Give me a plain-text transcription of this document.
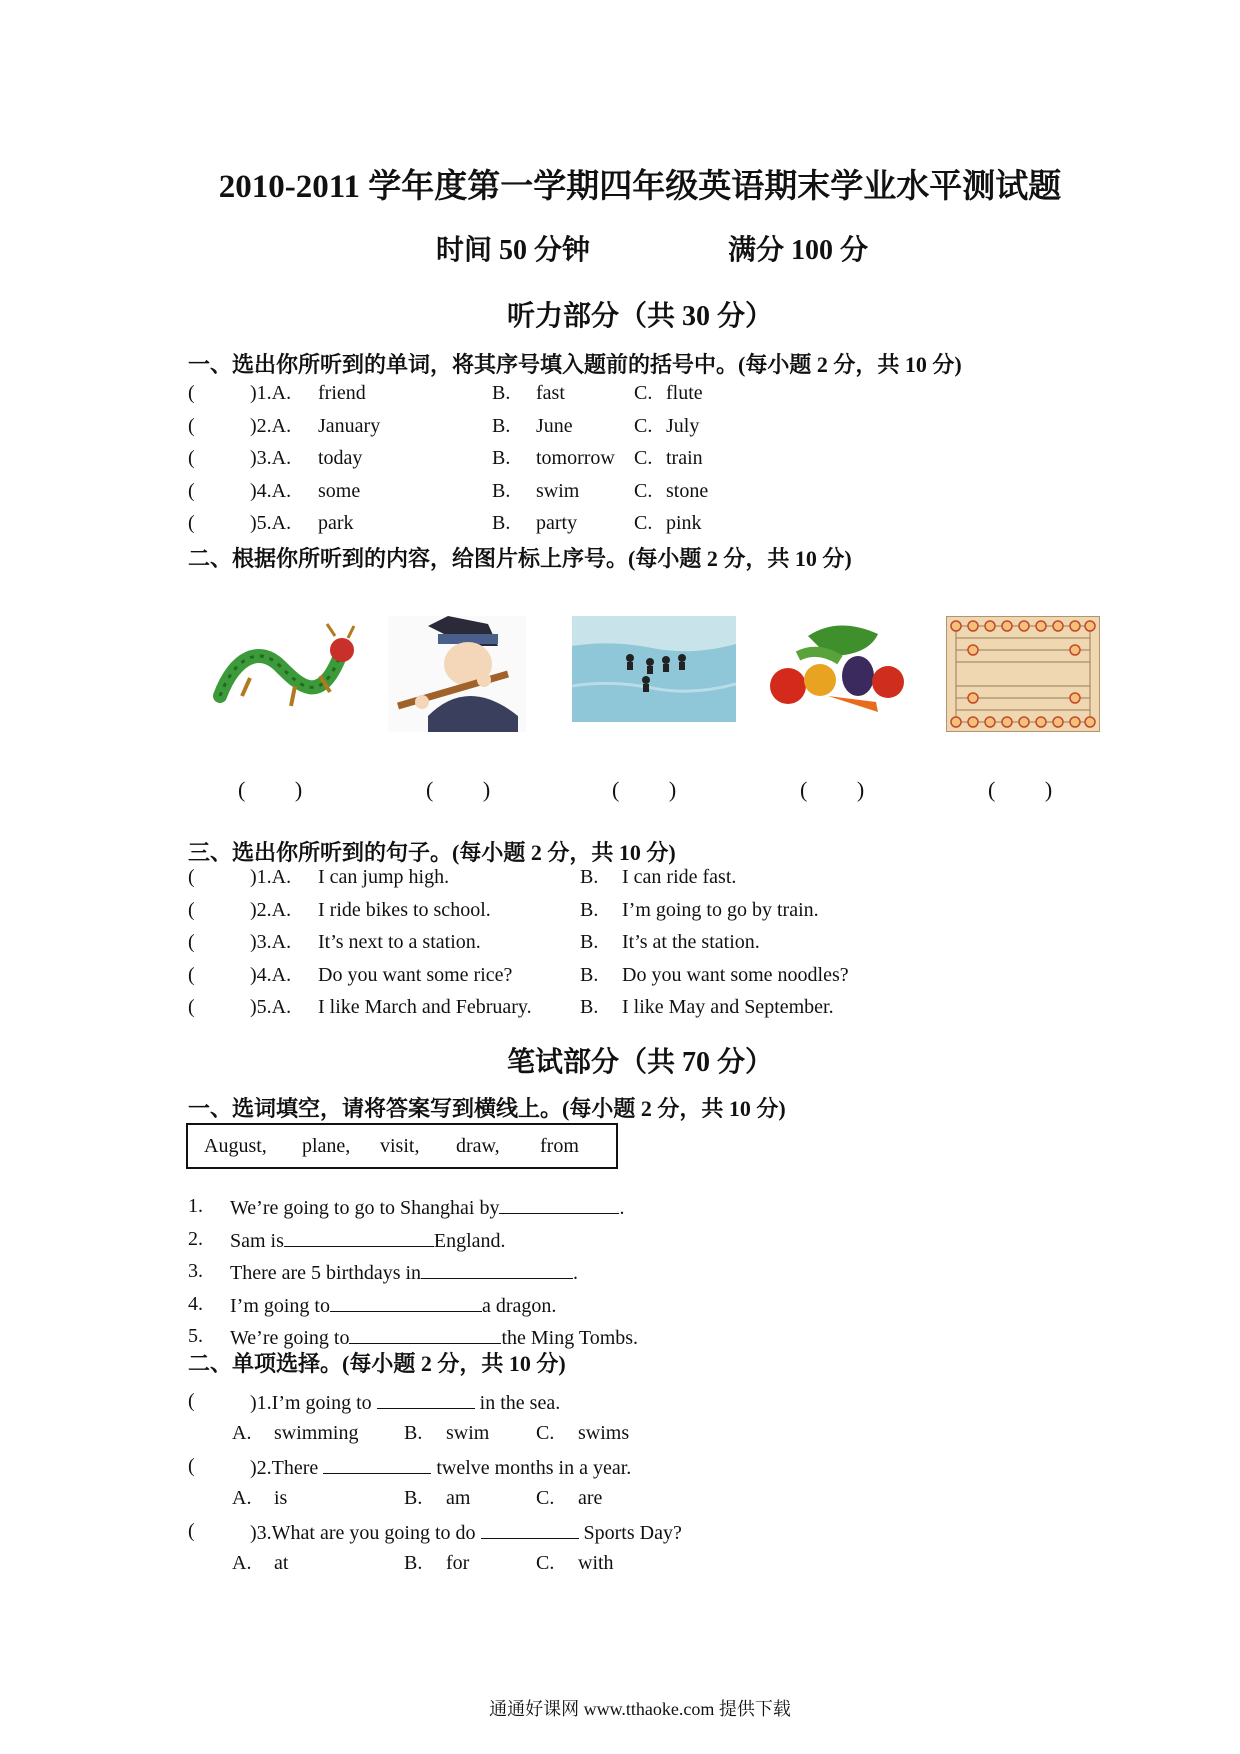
2010-2011 学年度第一学期四年级英语期末学业水平测试题
时间 50 分钟	满分 100 分
听力部分（共 30 分）
一、选出你所听到的单词，将其序号填入题前的括号中。(每小题 2 分，共 10 分)
(	)1.A. friend	B. fast	C. flute
(	)2.A. January	B. June	C. July
(	)3.A. today	B. tomorrow C. train
(	)4.A. some	B. swim	C. stone
(	)5.A. park	B. party	C. pink
二、根据你所听到的内容，给图片标上序号。(每小题 2 分，共 10 分)
(         )	(         )	(         )	(         )	(         )
三、选出你所听到的句子。(每小题 2 分，共 10 分)
(	)1.A. I can jump high.	B. I can ride fast.
(	)2.A. I ride bikes to school.	B. I’m going to go by train.
(	)3.A. It’s next to a station.	B. It’s at the station.
(	)4.A. Do you want some rice?	B. Do you want some noodles?
(	)5.A. I like March and February. B. I like May and September.
笔试部分（共 70 分）
一、选词填空，请将答案写到横线上。(每小题 2 分，共 10 分)
August, plane, visit, draw, from
1. We’re going to go to Shanghai by	.
2. Sam is	England.
3. There are 5 birthdays in	.
4. I’m going to	a dragon.
5. We’re going to	the Ming Tombs.
二、单项选择。(每小题 2 分，共 10 分)
(	)1.I’m going to	in the sea.
A. swimming B. swim C. swims
(	)2.There	twelve months in a year.
A. is	B. am	C. are
(	)3.What are you going to do	Sports Day?
A. at	B. for	C. with
通通好课网 www.tthaoke.com 提供下载
